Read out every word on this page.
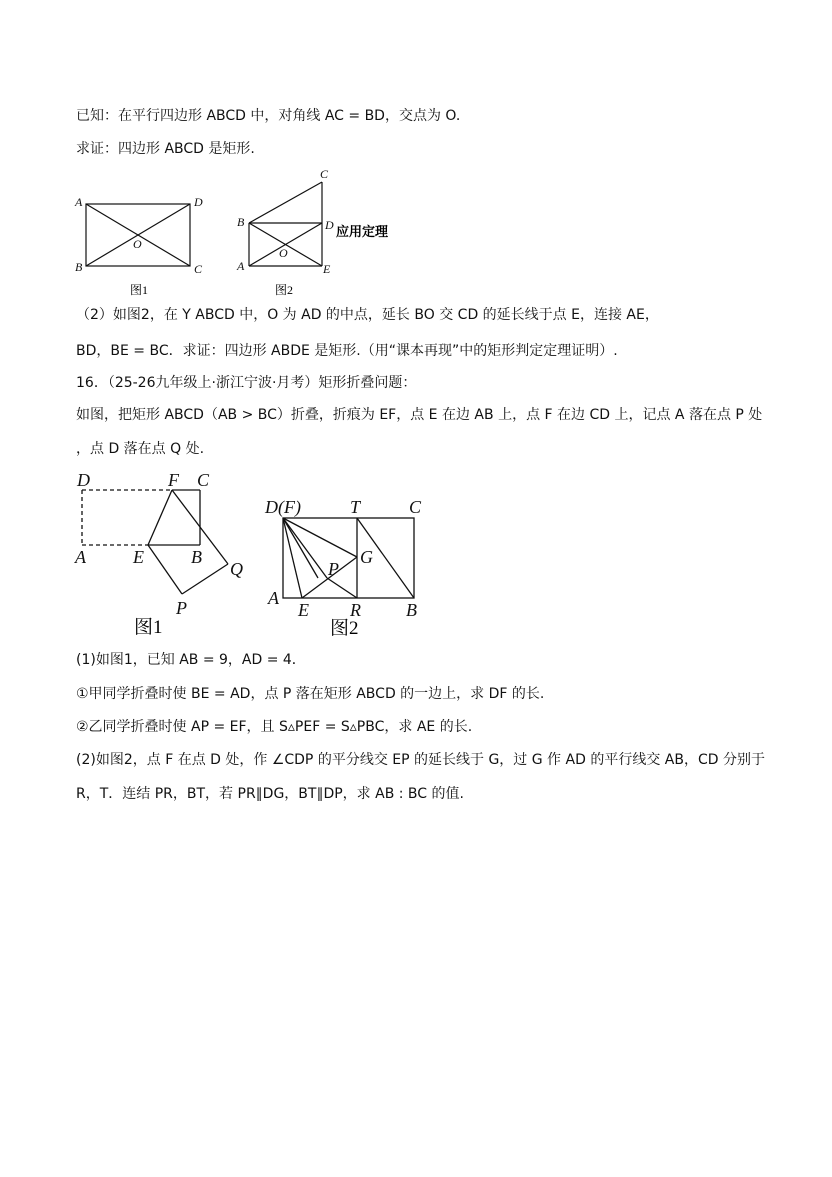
已知：在平行四边形 ABCD 中，对角线 AC = BD，交点为 O.
求证：四边形 ABCD 是矩形.
A	D
O
B	C
图1
C
B	D
O
A	E
应用定理
图2
（2）如图2，在 Y ABCD 中，O 为 AD 的中点，延长 BO 交 CD 的延长线于点 E，连接 AE，
BD，BE = BC．求证：四边形 ABDE 是矩形.（用“课本再现”中的矩形判定定理证明）.
16．（25-26九年级上·浙江宁波·月考）矩形折叠问题：
如图，把矩形 ABCD（AB > BC）折叠，折痕为 EF，点 E 在边 AB 上，点 F 在边 CD 上，记点 A 落在点 P 处
，点 D 落在点 Q 处.
D	F C
A	E	B
Q
P
图1
D(F)	T	C
G
P
A
E R	B
图2
(1)如图1，已知 AB = 9，AD = 4．
①甲同学折叠时使 BE = AD，点 P 落在矩形 ABCD 的一边上，求 DF 的长.
②乙同学折叠时使 AP = EF，且 S▵PEF = S▵PBC，求 AE 的长.
(2)如图2，点 F 在点 D 处，作 ∠CDP 的平分线交 EP 的延长线于 G，过 G 作 AD 的平行线交 AB，CD 分别于
R，T．连结 PR，BT，若 PR∥DG，BT∥DP，求 AB : BC 的值.
